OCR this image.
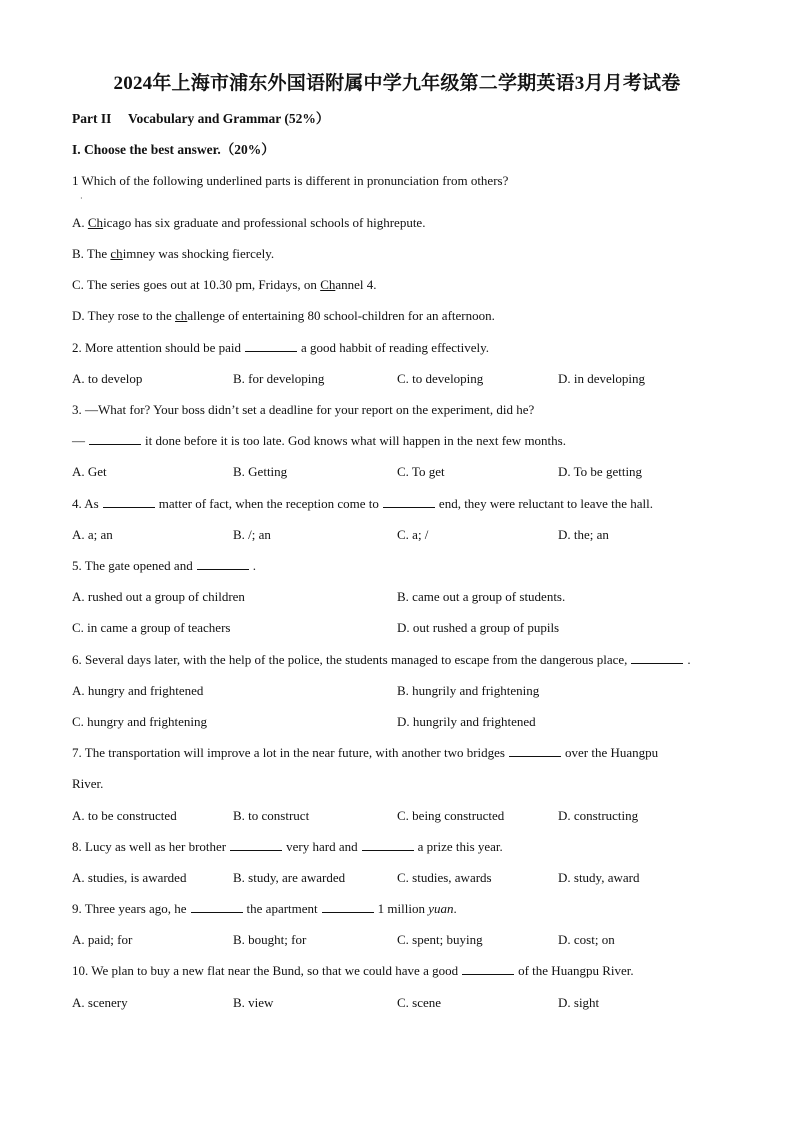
2024年上海市浦东外国语附属中学九年级第二学期英语3月月考试卷
Part II Vocabulary and Grammar (52%）
I. Choose the best answer.（20%）
1 Which of the following underlined parts is different in pronunciation from others?
·
A. Chicago has six graduate and professional schools of highrepute.
B. The chimney was shocking fiercely.
C. The series goes out at 10.30 pm, Fridays, on Channel 4.
D. They rose to the challenge of entertaining 80 school-children for an afternoon.
2. More attention should be paid	a good habbit of reading effectively.
A. to develop	B. for developing	C. to developing	D. in developing
3. —What for? Your boss didn’t set a deadline for your report on the experiment, did he?
—	it done before it is too late. God knows what will happen in the next few months.
A. Get	B. Getting	C. To get	D. To be getting
4. As	matter of fact, when the reception come to	end, they were reluctant to leave the hall.
A. a; an	B. /; an	C. a; /	D. the; an
5. The gate opened and	.
A. rushed out a group of children	B. came out a group of students.
C. in came a group of teachers	D. out rushed a group of pupils
6. Several days later, with the help of the police, the students managed to escape from the dangerous place,	.
A. hungry and frightened	B. hungrily and frightening
C. hungry and frightening	D. hungrily and frightened
7. The transportation will improve a lot in the near future, with another two bridges	over the Huangpu
River.
A. to be constructed	B. to construct	C. being constructed	D. constructing
8. Lucy as well as her brother	very hard and	a prize this year.
A. studies, is awarded	B. study, are awarded	C. studies, awards	D. study, award
9. Three years ago, he	the apartment	1 million yuan.
A. paid; for	B. bought; for	C. spent; buying	D. cost; on
10. We plan to buy a new flat near the Bund, so that we could have a good	of the Huangpu River.
A. scenery	B. view	C. scene	D. sight
